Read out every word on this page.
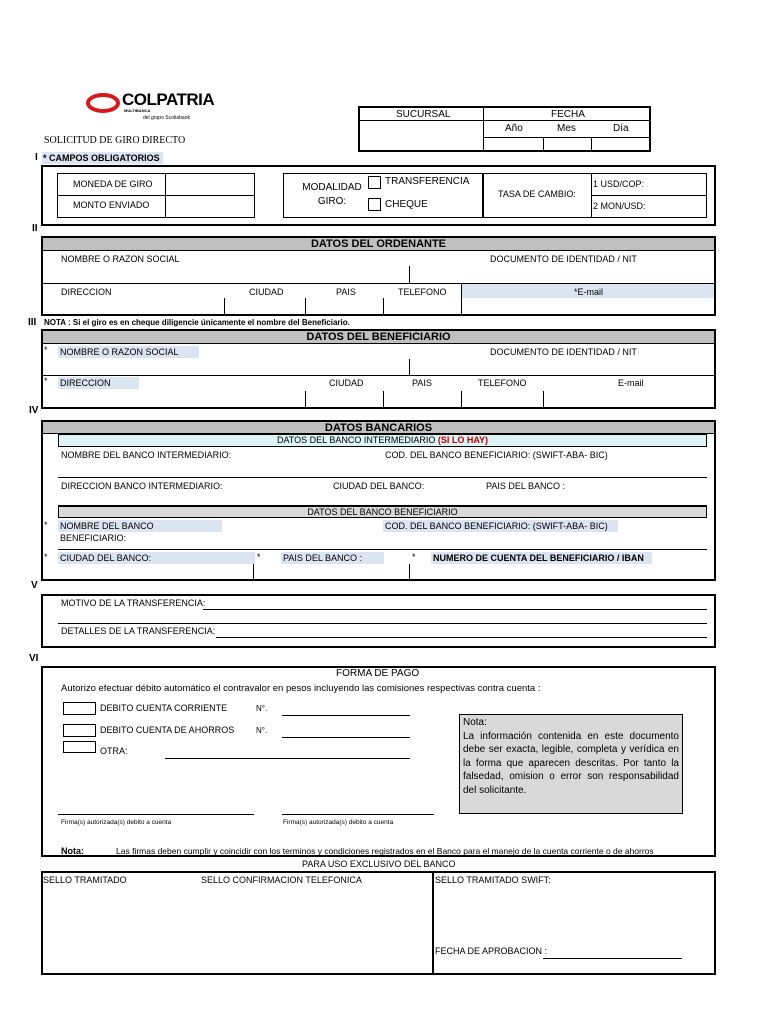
COLPATRIA
MULTIBANCA
del grupo Scotiabank
SOLICITUD DE GIRO DIRECTO
SUCURSAL	FECHA
Año	Mes	Día
I * CAMPOS OBLIGATORIOS
MONEDA DE GIRO
MONTO ENVIADO
MODALIDAD GIRO:
TRANSFERENCIA
CHEQUE
TASA DE CAMBIO:
1 USD/COP:
2 MON/USD:
II
DATOS DEL ORDENANTE
NOMBRE O RAZON SOCIAL	DOCUMENTO DE IDENTIDAD / NIT
DIRECCION	CIUDAD	PAIS	TELEFONO	*E-mail
III NOTA : Si el giro es en cheque diligencie únicamente el nombre del Beneficiario.
DATOS DEL BENEFICIARIO
* NOMBRE O RAZON SOCIAL	DOCUMENTO DE IDENTIDAD / NIT
* DIRECCION	CIUDAD	PAIS	TELEFONO	E-mail
IV
DATOS BANCARIOS
DATOS DEL BANCO INTERMEDIARIO (SI LO HAY)
NOMBRE DEL BANCO INTERMEDIARIO:	COD. DEL BANCO BENEFICIARIO: (SWIFT-ABA- BIC)
DIRECCION BANCO INTERMEDIARIO:	CIUDAD DEL BANCO:	PAIS DEL BANCO :
DATOS DEL BANCO BENEFICIARIO
* NOMBRE DEL BANCO BENEFICIARIO:
COD. DEL BANCO BENEFICIARIO: (SWIFT-ABA- BIC)
* CIUDAD DEL BANCO:	* PAIS DEL BANCO :	* NUMERO DE CUENTA DEL BENEFICIARIO / IBAN
V
MOTIVO DE LA TRANSFERENCIA:
DETALLES DE LA TRANSFERENCIA:
VI
FORMA DE PAGO
Autorizo efectuar débito automático el contravalor en pesos incluyendo las comisiones respectivas contra cuenta :
DEBITO CUENTA CORRIENTE	N°.
DEBITO CUENTA DE AHORROS	N°.
OTRA:
Nota:
La información contenida en este documento debe ser exacta, legible, completa y verídica en la forma que aparecen descritas. Por tanto la falsedad, omision o error son responsabilidad del solicitante.
Firma(s) autorizada(s) debito a cuenta	Firma(s) autorizada(s) debito a cuenta
Nota:	Las firmas deben cumplir y coincidir con los terminos y condiciones registrados en el Banco para el manejo de la cuenta corriente o de ahorros
PARA USO EXCLUSIVO DEL BANCO
SELLO TRAMITADO	SELLO CONFIRMACION TELEFONICA	SELLO TRAMITADO SWIFT:
FECHA DE APROBACION :
